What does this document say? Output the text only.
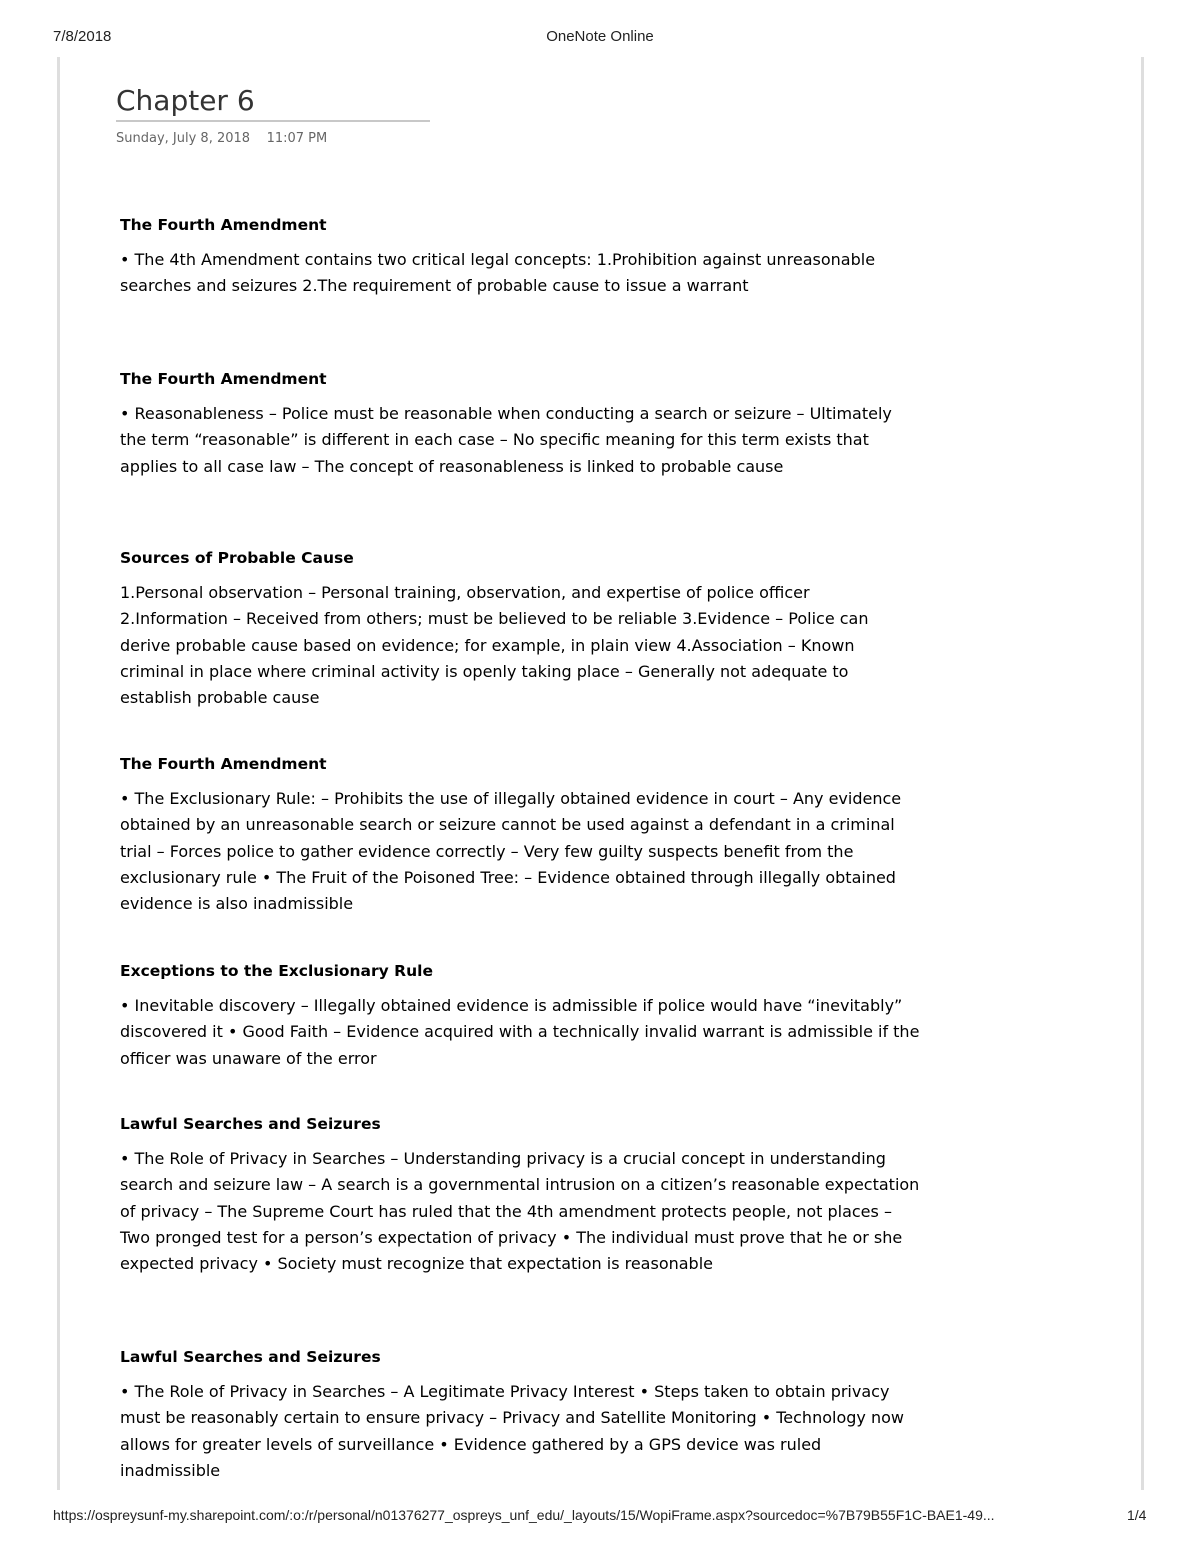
7/8/2018	OneNote Online
Chapter 6
Sunday, July 8, 2018    11:07 PM

The Fourth Amendment

• The 4th Amendment contains two critical legal concepts: 1.Prohibition against unreasonable searches and seizures 2.The requirement of probable cause to issue a warrant

The Fourth Amendment

• Reasonableness – Police must be reasonable when conducting a search or seizure – Ultimately the term “reasonable” is different in each case – No specific meaning for this term exists that applies to all case law – The concept of reasonableness is linked to probable cause

Sources of Probable Cause

1.Personal observation – Personal training, observation, and expertise of police officer 2.Information – Received from others; must be believed to be reliable 3.Evidence – Police can derive probable cause based on evidence; for example, in plain view 4.Association – Known criminal in place where criminal activity is openly taking place – Generally not adequate to establish probable cause

The Fourth Amendment

• The Exclusionary Rule: – Prohibits the use of illegally obtained evidence in court – Any evidence obtained by an unreasonable search or seizure cannot be used against a defendant in a criminal trial – Forces police to gather evidence correctly – Very few guilty suspects benefit from the exclusionary rule • The Fruit of the Poisoned Tree: – Evidence obtained through illegally obtained evidence is also inadmissible

Exceptions to the Exclusionary Rule

• Inevitable discovery – Illegally obtained evidence is admissible if police would have “inevitably” discovered it • Good Faith – Evidence acquired with a technically invalid warrant is admissible if the officer was unaware of the error

Lawful Searches and Seizures

• The Role of Privacy in Searches – Understanding privacy is a crucial concept in understanding search and seizure law – A search is a governmental intrusion on a citizen’s reasonable expectation of privacy – The Supreme Court has ruled that the 4th amendment protects people, not places – Two pronged test for a person’s expectation of privacy • The individual must prove that he or she expected privacy • Society must recognize that expectation is reasonable

Lawful Searches and Seizures

• The Role of Privacy in Searches – A Legitimate Privacy Interest • Steps taken to obtain privacy must be reasonably certain to ensure privacy – Privacy and Satellite Monitoring • Technology now allows for greater levels of surveillance • Evidence gathered by a GPS device was ruled inadmissible

https://ospreysunf-my.sharepoint.com/:o:/r/personal/n01376277_ospreys_unf_edu/_layouts/15/WopiFrame.aspx?sourcedoc=%7B79B55F1C-BAE1-49...	1/4
